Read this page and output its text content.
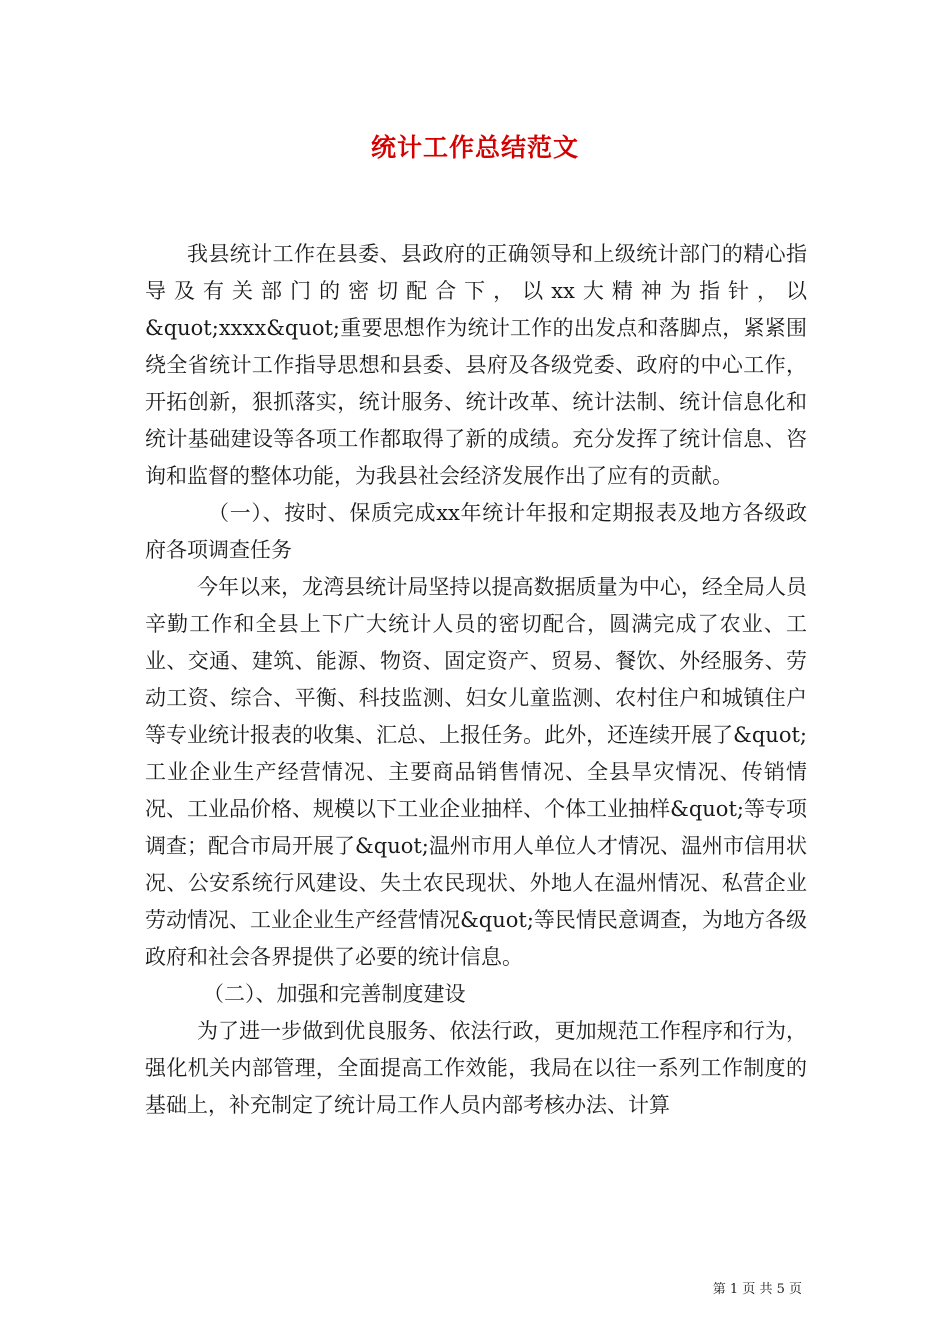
统计工作总结范文

我县统计工作在县委、县政府的正确领导和上级统计部门的精心指导及有关部门的密切配合下，以xx大精神为指针，以&quot;xxxx&quot;重要思想作为统计工作的出发点和落脚点，紧紧围绕全省统计工作指导思想和县委、县府及各级党委、政府的中心工作，开拓创新，狠抓落实，统计服务、统计改革、统计法制、统计信息化和统计基础建设等各项工作都取得了新的成绩。充分发挥了统计信息、咨询和监督的整体功能，为我县社会经济发展作出了应有的贡献。

（一）、按时、保质完成xx年统计年报和定期报表及地方各级政府各项调查任务

今年以来，龙湾县统计局坚持以提高数据质量为中心，经全局人员辛勤工作和全县上下广大统计人员的密切配合，圆满完成了农业、工业、交通、建筑、能源、物资、固定资产、贸易、餐饮、外经服务、劳动工资、综合、平衡、科技监测、妇女儿童监测、农村住户和城镇住户等专业统计报表的收集、汇总、上报任务。此外，还连续开展了&quot;工业企业生产经营情况、主要商品销售情况、全县旱灾情况、传销情况、工业品价格、规模以下工业企业抽样、个体工业抽样&quot;等专项调查；配合市局开展了&quot;温州市用人单位人才情况、温州市信用状况、公安系统行风建设、失土农民现状、外地人在温州情况、私营企业劳动情况、工业企业生产经营情况&quot;等民情民意调查，为地方各级政府和社会各界提供了必要的统计信息。

（二）、加强和完善制度建设

为了进一步做到优良服务、依法行政，更加规范工作程序和行为，强化机关内部管理，全面提高工作效能，我局在以往一系列工作制度的基础上，补充制定了统计局工作人员内部考核办法、计算

第 1 页 共 5 页
